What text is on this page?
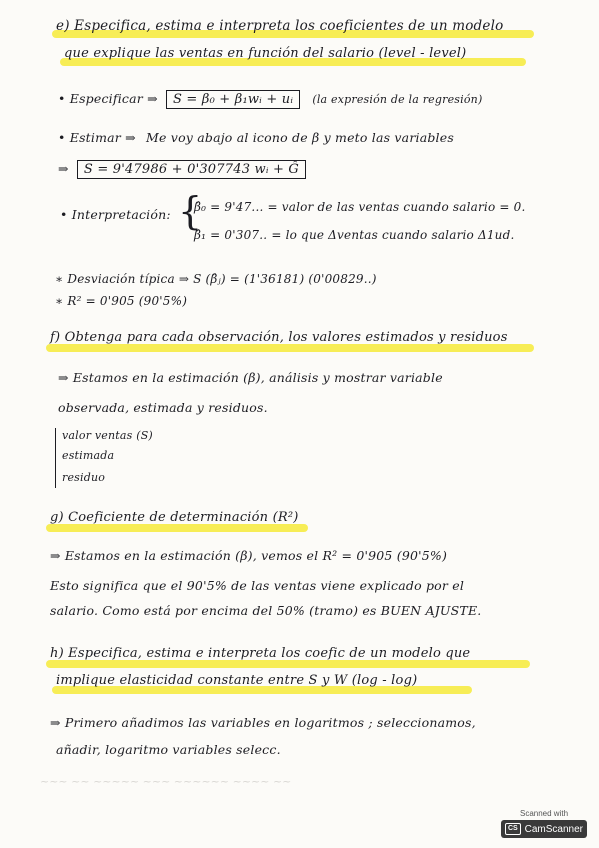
~~~ ~~ ~~~~~ ~~~ ~~~~~~ ~~~~ ~~
e) Especifica, estima e interpreta los coeficientes de un modelo
que explique las ventas en función del salario (level - level)
• Especificar ⇒ S = β₀ + β₁wᵢ + uᵢ (la expresión de la regresión)
• Estimar ⇒ Me voy abajo al icono de β y meto las variables
⇒ S = 9'47986 + 0'307743 wᵢ + Ĝ
• Interpretación: {
β̂₀ = 9'47... = valor de las ventas cuando salario = 0.
β̂₁ = 0'307.. = lo que Δventas cuando salario Δ1ud.
∗ Desviación típica ⇒ S (β̂ⱼ) = (1'36181) (0'00829..)
∗ R² = 0'905 (90'5%)
f) Obtenga para cada observación, los valores estimados y residuos
⇒ Estamos en la estimación (β), análisis y mostrar variable
observada, estimada y residuos.
valor ventas (S)
estimada
residuo
g) Coeficiente de determinación (R²)
⇒ Estamos en la estimación (β), vemos el R² = 0'905 (90'5%)
Esto significa que el 90'5% de las ventas viene explicado por el
salario. Como está por encima del 50% (tramo) es BUEN AJUSTE.
h) Especifica, estima e interpreta los coefic de un modelo que
implique elasticidad constante entre S y W (log - log)
⇒ Primero añadimos las variables en logaritmos ; seleccionamos,
añadir, logaritmo variables selecc.
Scanned with
CS CamScanner
